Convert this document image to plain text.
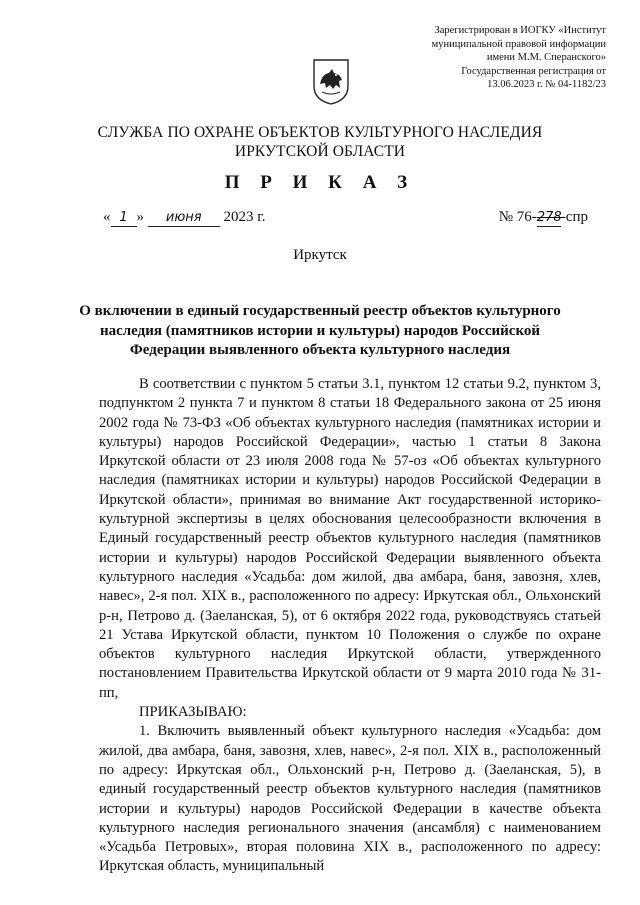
Зарегистрирован в ИОГКУ «Институт
муниципальной правовой информации
имени М.М. Сперанского»
Государственная регистрация от
13.06.2023 г. № 04-1182/23
СЛУЖБА ПО ОХРАНЕ ОБЪЕКТОВ КУЛЬТУРНОГО НАСЛЕДИЯ
ИРКУТСКОЙ ОБЛАСТИ
П Р И К А З
« 1 » июня 2023 г.	№ 76-278-спр
Иркутск
О включении в единый государственный реестр объектов культурного наследия (памятников истории и культуры) народов Российской Федерации выявленного объекта культурного наследия

В соответствии с пунктом 5 статьи 3.1, пунктом 12 статьи 9.2, пунктом 3, подпунктом 2 пункта 7 и пунктом 8 статьи 18 Федерального закона от 25 июня 2002 года № 73-ФЗ «Об объектах культурного наследия (памятниках истории и культуры) народов Российской Федерации», частью 1 статьи 8 Закона Иркутской области от 23 июля 2008 года № 57-оз «Об объектах культурного наследия (памятниках истории и культуры) народов Российской Федерации в Иркутской области», принимая во внимание Акт государственной историко-культурной экспертизы в целях обоснования целесообразности включения в Единый государственный реестр объектов культурного наследия (памятников истории и культуры) народов Российской Федерации выявленного объекта культурного наследия «Усадьба: дом жилой, два амбара, баня, завозня, хлев, навес», 2-я пол. XIX в., расположенного по адресу: Иркутская обл., Ольхонский р-н, Петрово д. (Заеланская, 5), от 6 октября 2022 года, руководствуясь статьей 21 Устава Иркутской области, пунктом 10 Положения о службе по охране объектов культурного наследия Иркутской области, утвержденного постановлением Правительства Иркутской области от 9 марта 2010 года № 31-пп,

ПРИКАЗЫВАЮ:

1. Включить выявленный объект культурного наследия «Усадьба: дом жилой, два амбара, баня, завозня, хлев, навес», 2-я пол. XIX в., расположенный по адресу: Иркутская обл., Ольхонский р-н, Петрово д. (Заеланская, 5), в единый государственный реестр объектов культурного наследия (памятников истории и культуры) народов Российской Федерации в качестве объекта культурного наследия регионального значения (ансамбля) с наименованием «Усадьба Петровых», вторая половина XIX в., расположенного по адресу: Иркутская область, муниципальный
